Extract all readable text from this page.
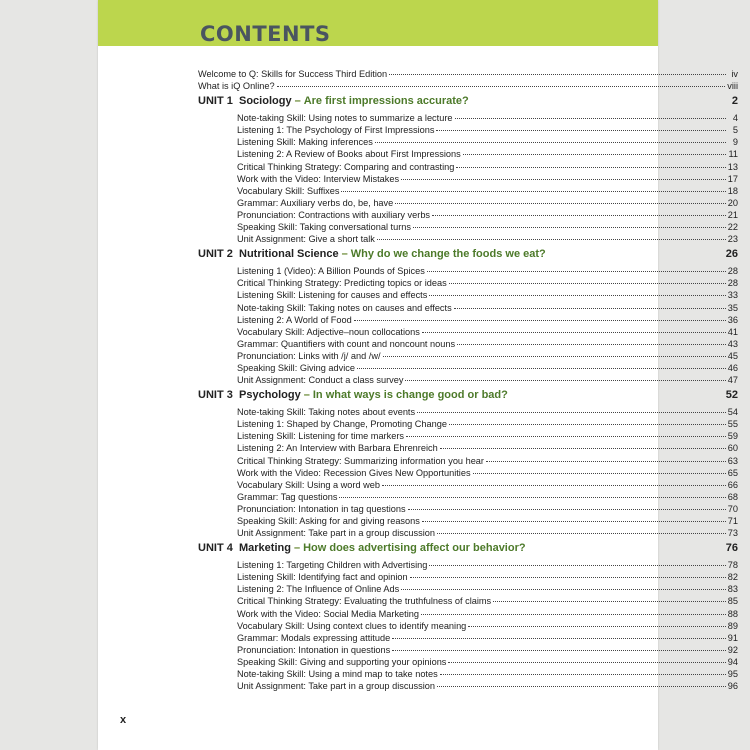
CONTENTS
Welcome to Q: Skills for Success Third Edition	iv
What is iQ Online?	viii
UNIT 1 Sociology – Are first impressions accurate?	2
Note-taking Skill: Using notes to summarize a lecture	4
Listening 1: The Psychology of First Impressions	5
Listening Skill: Making inferences	9
Listening 2: A Review of Books about First Impressions	11
Critical Thinking Strategy: Comparing and contrasting	13
Work with the Video: Interview Mistakes	17
Vocabulary Skill: Suffixes	18
Grammar: Auxiliary verbs do, be, have	20
Pronunciation: Contractions with auxiliary verbs	21
Speaking Skill: Taking conversational turns	22
Unit Assignment: Give a short talk	23
UNIT 2 Nutritional Science – Why do we change the foods we eat?	26
Listening 1 (Video): A Billion Pounds of Spices	28
Critical Thinking Strategy: Predicting topics or ideas	28
Listening Skill: Listening for causes and effects	33
Note-taking Skill: Taking notes on causes and effects	35
Listening 2: A World of Food	36
Vocabulary Skill: Adjective–noun collocations	41
Grammar: Quantifiers with count and noncount nouns	43
Pronunciation: Links with /j/ and /w/	45
Speaking Skill: Giving advice	46
Unit Assignment: Conduct a class survey	47
UNIT 3 Psychology – In what ways is change good or bad?	52
Note-taking Skill: Taking notes about events	54
Listening 1: Shaped by Change, Promoting Change	55
Listening Skill: Listening for time markers	59
Listening 2: An Interview with Barbara Ehrenreich	60
Critical Thinking Strategy: Summarizing information you hear	63
Work with the Video: Recession Gives New Opportunities	65
Vocabulary Skill: Using a word web	66
Grammar: Tag questions	68
Pronunciation: Intonation in tag questions	70
Speaking Skill: Asking for and giving reasons	71
Unit Assignment: Take part in a group discussion	73
UNIT 4 Marketing – How does advertising affect our behavior?	76
Listening 1: Targeting Children with Advertising	78
Listening Skill: Identifying fact and opinion	82
Listening 2: The Influence of Online Ads	83
Critical Thinking Strategy: Evaluating the truthfulness of claims	85
Work with the Video: Social Media Marketing	88
Vocabulary Skill: Using context clues to identify meaning	89
Grammar: Modals expressing attitude	91
Pronunciation: Intonation in questions	92
Speaking Skill: Giving and supporting your opinions	94
Note-taking Skill: Using a mind map to take notes	95
Unit Assignment: Take part in a group discussion	96
x
